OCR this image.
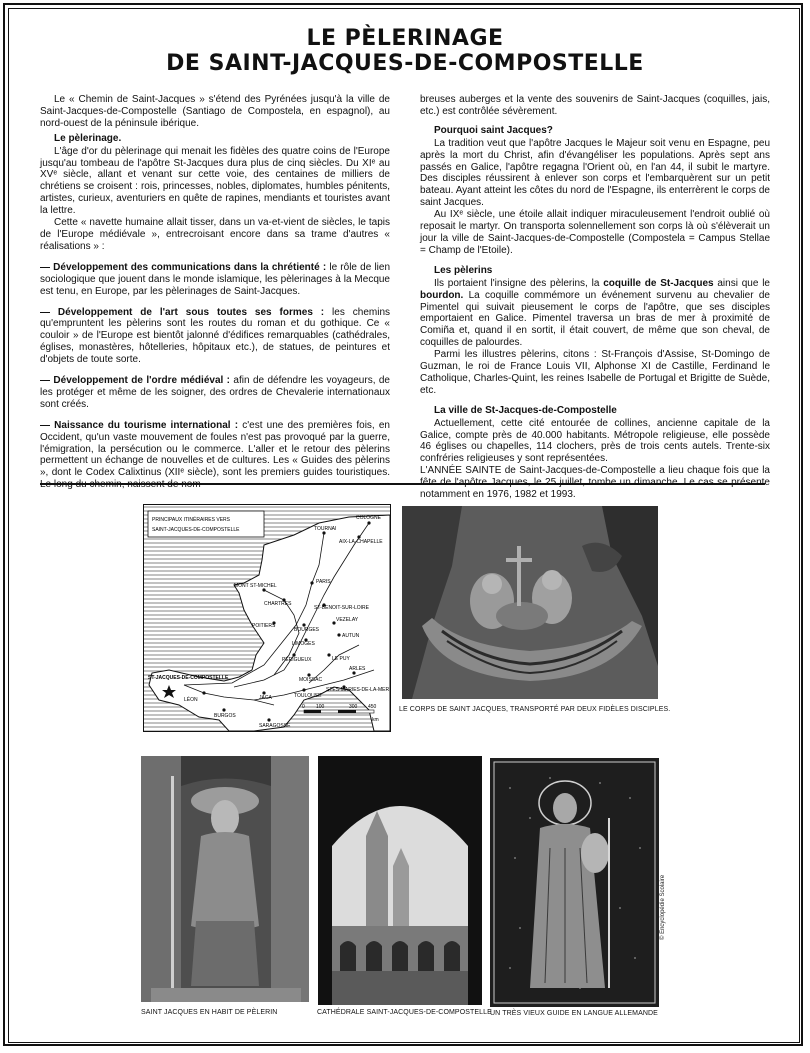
LE PÈLERINAGE
DE SAINT-JACQUES-DE-COMPOSTELLE

Le « Chemin de Saint-Jacques » s'étend des Pyrénées jusqu'à la ville de Saint-Jacques-de-Compostelle (Santiago de Compostela, en espagnol), au nord-ouest de la péninsule ibérique.

Le pèlerinage.

L'âge d'or du pèlerinage qui menait les fidèles des quatre coins de l'Europe jusqu'au tombeau de l'apôtre St-Jacques dura plus de cinq siècles. Du XIᵉ au XVᵉ siècle, allant et venant sur cette voie, des centaines de milliers de chrétiens se croisent : rois, princesses, nobles, diplomates, humbles pénitents, artistes, curieux, aventuriers en quête de rapines, mendiants et touristes avant la lettre.

Cette « navette humaine allait tisser, dans un va-et-vient de siècles, le tapis de l'Europe médiévale », entrecroisant encore dans sa trame d'autres « réalisations » :

— Développement des communications dans la chrétienté : le rôle de lien sociologique que jouent dans le monde islamique, les pèlerinages à la Mecque est tenu, en Europe, par les pèlerinages de Saint-Jacques.

— Développement de l'art sous toutes ses formes : les chemins qu'empruntent les pèlerins sont les routes du roman et du gothique. Ce « couloir » de l'Europe est bientôt jalonné d'édifices remarquables (cathédrales, églises, monastères, hôtelleries, hôpitaux etc.), de statues, de peintures et d'objets de toute sorte.

— Développement de l'ordre médiéval : afin de défendre les voyageurs, de les protéger et même de les soigner, des ordres de Chevalerie internationaux sont créés.

— Naissance du tourisme international : c'est une des premières fois, en Occident, qu'un vaste mouvement de foules n'est pas provoqué par la guerre, l'émigration, la persécution ou le commerce. L'aller et le retour des pèlerins permettent un échange de nouvelles et de cultures. Les « Guides des pèlerins », dont le Codex Calixtinus (XIIᵉ siècle), sont les premiers guides touristiques. Le long du chemin, naissent de nom-

breuses auberges et la vente des souvenirs de Saint-Jacques (coquilles, jais, etc.) est contrôlée sévèrement.

Pourquoi saint Jacques?

La tradition veut que l'apôtre Jacques le Majeur soit venu en Espagne, peu après la mort du Christ, afin d'évangéliser les populations. Après sept ans passés en Galice, l'apôtre regagna l'Orient où, en l'an 44, il subit le martyre. Des disciples réussirent à enlever son corps et l'embarquèrent sur un petit bateau. Ayant atteint les côtes du nord de l'Espagne, ils enterrèrent le corps de saint Jacques.

Au IXᵉ siècle, une étoile allait indiquer miraculeusement l'endroit oublié où reposait le martyr. On transporta solennellement son corps là où s'élèverait un jour la ville de Saint-Jacques-de-Compostelle (Compostela = Campus Stellae = Champ de l'Etoile).

Les pèlerins

Ils portaient l'insigne des pèlerins, la coquille de St-Jacques ainsi que le bourdon. La coquille commémore un événement survenu au chevalier de Pimentel qui suivait pieusement le corps de l'apôtre, que ses disciples emportaient en Galice. Pimentel traversa un bras de mer à proximité de Comiña et, quand il en sortit, il était couvert, de même que son cheval, de coquilles de palourdes.

Parmi les illustres pèlerins, citons : St-François d'Assise, St-Domingo de Guzman, le roi de France Louis VII, Alphonse XI de Castille, Ferdinand le Catholique, Charles-Quint, les reines Isabelle de Portugal et Brigitte de Suède, etc.

La ville de St-Jacques-de-Compostelle

Actuellement, cette cité entourée de collines, ancienne capitale de la Galice, compte près de 40.000 habitants. Métropole religieuse, elle possède 46 églises ou chapelles, 114 clochers, près de trois cents autels. Trente-six confréries religieuses y sont représentées.

L'ANNÉE SAINTE de Saint-Jacques-de-Compostelle a lieu chaque fois que la fête de l'apôtre Jacques, le 25 juillet, tombe un dimanche. Le cas se présente notamment en 1976, 1982 et 1993.

PRINCIPAUX ITINÉRAIRES VERS
SAINT-JACQUES-DE-COMPOSTELLE	TOURNAI
COLOGNE
AIX-LA-CHAPELLE
MONT ST-MICHEL
PARIS
CHARTRES
ST-BENOIT-SUR-LOIRE
POITIERS
BOURGES
VEZELAY
LIMOGES
AUTUN
PÉRIGUEUX	LE PUY
ST-JACQUES-DE-COMPOSTELLE	MOISSAC
ARLES
LÉON	JACA	TOULOUSE
STES-MARIES-DE-LA-MER
BURGOS
SARAGOSSE
0 100	300 450
km
LE CORPS DE SAINT JACQUES, TRANSPORTÉ PAR DEUX FIDÈLES DISCIPLES.
SAINT JACQUES EN HABIT DE PÈLERIN	CATHÉDRALE SAINT-JACQUES-DE-COMPOSTELLE
UN TRÈS VIEUX GUIDE EN LANGUE ALLEMANDE
© Encyclopédie Scolaire
